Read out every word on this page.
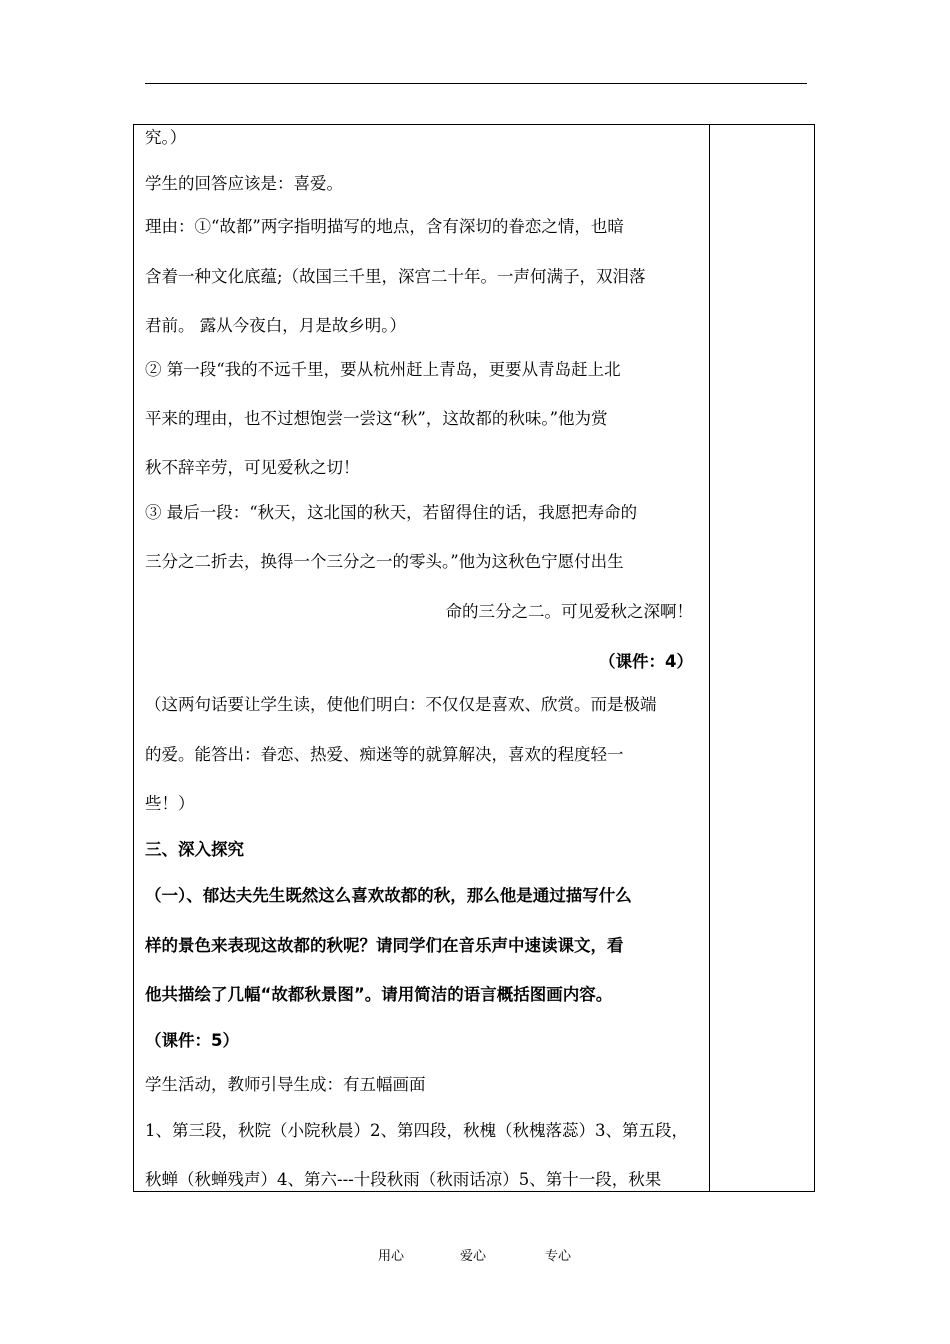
究。）
学生的回答应该是：喜爱。
理由：①“故都”两字指明描写的地点，含有深切的眷恋之情，也暗
含着一种文化底蕴;（故国三千里，深宫二十年。一声何满子，双泪落
君前。 露从今夜白，月是故乡明。）
② 第一段“我的不远千里，要从杭州赶上青岛，更要从青岛赶上北
平来的理由，也不过想饱尝一尝这“秋”，这故都的秋味。”他为赏
秋不辞辛劳，可见爱秋之切！
③ 最后一段：“秋天，这北国的秋天，若留得住的话，我愿把寿命的
三分之二折去，换得一个三分之一的零头。”他为这秋色宁愿付出生
命的三分之二。可见爱秋之深啊！
（课件：4）
（这两句话要让学生读，使他们明白：不仅仅是喜欢、欣赏。而是极端
的爱。能答出：眷恋、热爱、痴迷等的就算解决，喜欢的程度轻一
些！）
三、深入探究
（一）、郁达夫先生既然这么喜欢故都的秋，那么他是通过描写什么
样的景色来表现这故都的秋呢？请同学们在音乐声中速读课文，看
他共描绘了几幅“故都秋景图”。请用简洁的语言概括图画内容。
（课件：5）
学生活动，教师引导生成：有五幅画面
1、第三段，秋院（小院秋晨）2、第四段，秋槐（秋槐落蕊）3、第五段，
秋蝉（秋蝉残声）4、第六---十段秋雨（秋雨话凉）5、第十一段，秋果
用心	爱心	专心
